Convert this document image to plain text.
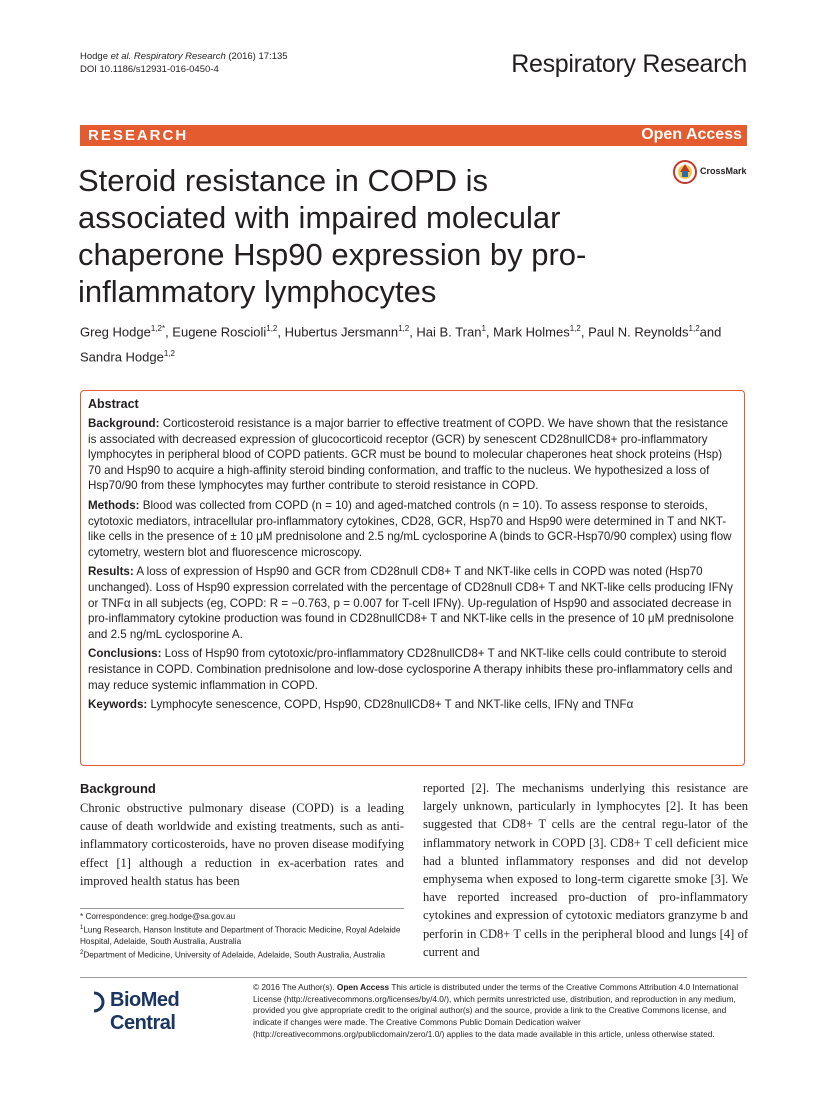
Hodge et al. Respiratory Research (2016) 17:135
DOI 10.1186/s12931-016-0450-4	Respiratory Research
RESEARCH	Open Access
Steroid resistance in COPD is associated with impaired molecular chaperone Hsp90 expression by pro-inflammatory lymphocytes
CrossMark
Greg Hodge$^{1,2*}$, Eugene Roscioli$^{1,2}$, Hubertus Jersmann$^{1,2}$, Hai B. Tran$^1$, Mark Holmes$^{1,2}$, Paul N. Reynolds$^{1,2}$and
Sandra Hodge$^{1,2}$
Abstract

Background: Corticosteroid resistance is a major barrier to effective treatment of COPD. We have shown that the resistance is associated with decreased expression of glucocorticoid receptor (GCR) by senescent CD28nullCD8+ pro-inflammatory lymphocytes in peripheral blood of COPD patients. GCR must be bound to molecular chaperones heat shock proteins (Hsp) 70 and Hsp90 to acquire a high-affinity steroid binding conformation, and traffic to the nucleus. We hypothesized a loss of Hsp70/90 from these lymphocytes may further contribute to steroid resistance in COPD.

Methods: Blood was collected from COPD (n = 10) and aged-matched controls (n = 10). To assess response to steroids, cytotoxic mediators, intracellular pro-inflammatory cytokines, CD28, GCR, Hsp70 and Hsp90 were determined in T and NKT-like cells in the presence of ± 10 μM prednisolone and 2.5 ng/mL cyclosporine A (binds to GCR-Hsp70/90 complex) using flow cytometry, western blot and fluorescence microscopy.

Results: A loss of expression of Hsp90 and GCR from CD28null CD8+ T and NKT-like cells in COPD was noted (Hsp70 unchanged). Loss of Hsp90 expression correlated with the percentage of CD28null CD8+ T and NKT-like cells producing IFNγ or TNFα in all subjects (eg, COPD: R = −0.763, p = 0.007 for T-cell IFNγ). Up-regulation of Hsp90 and associated decrease in pro-inflammatory cytokine production was found in CD28nullCD8+ T and NKT-like cells in the presence of 10 μM prednisolone and 2.5 ng/mL cyclosporine A.

Conclusions: Loss of Hsp90 from cytotoxic/pro-inflammatory CD28nullCD8+ T and NKT-like cells could contribute to steroid resistance in COPD. Combination prednisolone and low-dose cyclosporine A therapy inhibits these pro-inflammatory cells and may reduce systemic inflammation in COPD.

Keywords: Lymphocyte senescence, COPD, Hsp90, CD28nullCD8+ T and NKT-like cells, IFNγ and TNFα

Background

Chronic obstructive pulmonary disease (COPD) is a leading cause of death worldwide and existing treatments, such as anti-inflammatory corticosteroids, have no proven disease modifying effect [1] although a reduction in ex-acerbation rates and improved health status has been

reported [2]. The mechanisms underlying this resistance are largely unknown, particularly in lymphocytes [2]. It has been suggested that CD8+ T cells are the central regu-lator of the inflammatory network in COPD [3]. CD8+ T cell deficient mice had a blunted inflammatory responses and did not develop emphysema when exposed to long-term cigarette smoke [3]. We have reported increased pro-duction of pro-inflammatory cytokines and expression of cytotoxic mediators granzyme b and perforin in CD8+ T cells in the peripheral blood and lungs [4] of current and

* Correspondence: greg.hodge@sa.gov.au

$^1$Lung Research, Hanson Institute and Department of Thoracic Medicine, Royal Adelaide Hospital, Adelaide, South Australia, Australia

$^2$Department of Medicine, University of Adelaide, Adelaide, South Australia, Australia

BioMed Central
© 2016 The Author(s). Open Access This article is distributed under the terms of the Creative Commons Attribution 4.0 International License (http://creativecommons.org/licenses/by/4.0/), which permits unrestricted use, distribution, and reproduction in any medium, provided you give appropriate credit to the original author(s) and the source, provide a link to the Creative Commons license, and indicate if changes were made. The Creative Commons Public Domain Dedication waiver (http://creativecommons.org/publicdomain/zero/1.0/) applies to the data made available in this article, unless otherwise stated.
